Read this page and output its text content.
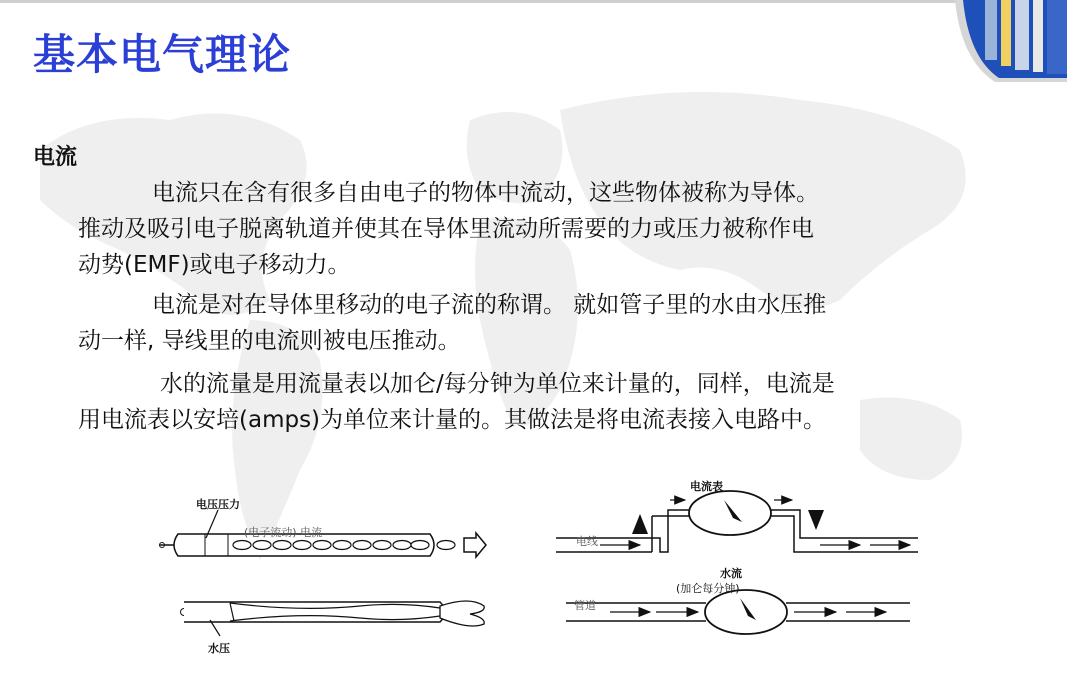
基本电气理论
电流

电流只在含有很多自由电子的物体中流动，这些物体被称为导体。
推动及吸引电子脱离轨道并使其在导体里流动所需要的力或压力被称作电
动势(EMF)或电子移动力。

电流是对在导体里移动的电子流的称谓。 就如管子里的水由水压推
动一样, 导线里的电流则被电压推动。

水的流量是用流量表以加仑/每分钟为单位来计量的，同样，电流是
用电流表以安培(amps)为单位来计量的。其做法是将电流表接入电路中。

电压压力
(电子流动) 电流
水压
电流表
电线
水流
(加仑每分钟)
管道
